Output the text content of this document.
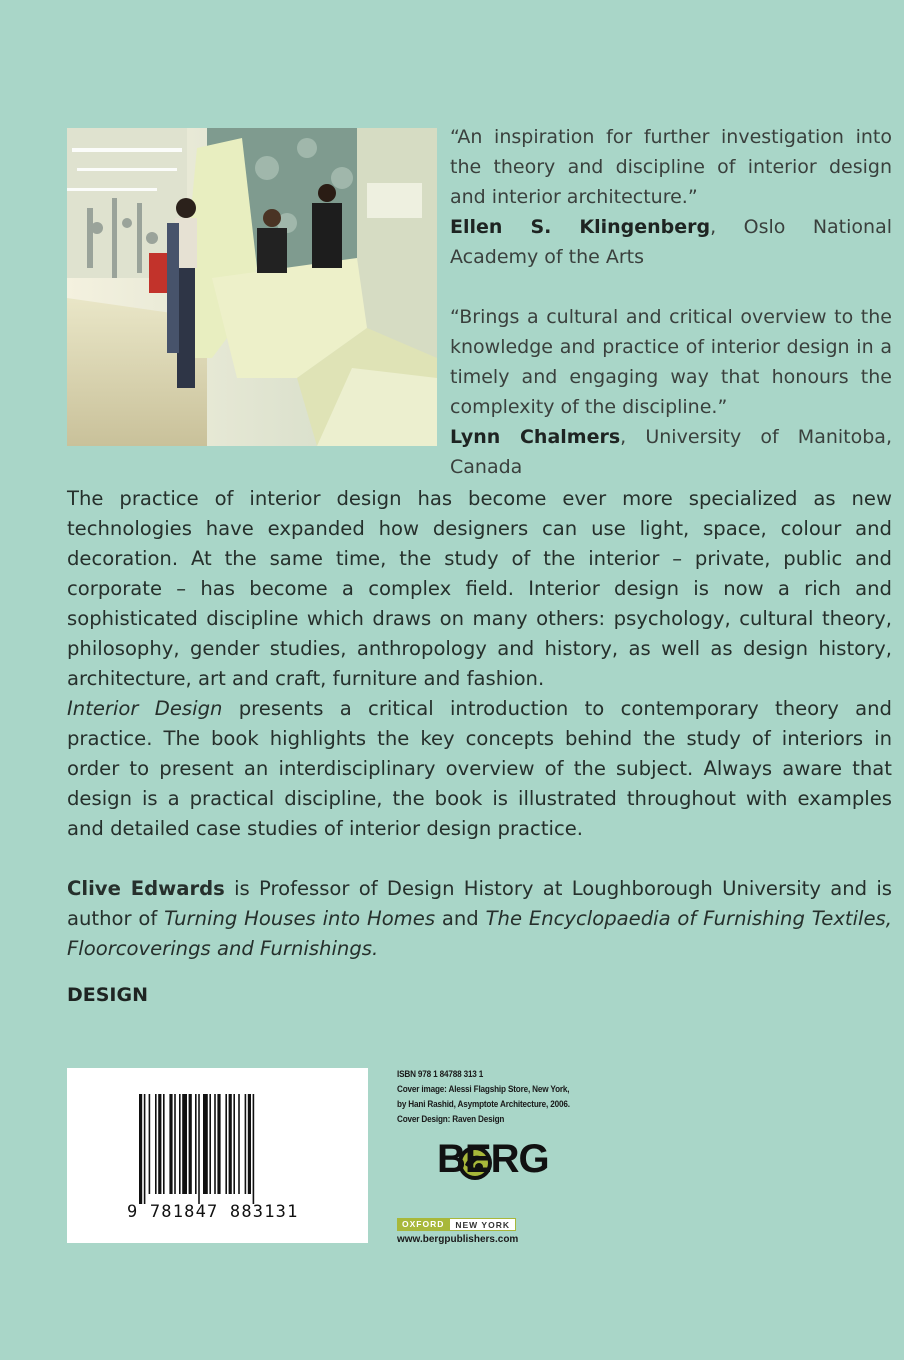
“An inspiration for further investigation into the theory and discipline of interior design and interior architecture.”
Ellen S. Klingenberg, Oslo National Academy of the Arts

“Brings a cultural and critical overview to the knowledge and practice of interior design in a timely and engaging way that honours the complexity of the discipline.”
Lynn Chalmers, University of Manitoba, Canada

The practice of interior design has become ever more specialized as new technologies have expanded how designers can use light, space, colour and decoration. At the same time, the study of the interior – private, public and corporate – has become a complex field. Interior design is now a rich and sophisticated discipline which draws on many others: psychology, cultural theory, philosophy, gender studies, anthropology and history, as well as design history, architecture, art and craft, furniture and fashion.

Interior Design presents a critical introduction to contemporary theory and practice. The book highlights the key concepts behind the study of interiors in order to present an interdisciplinary overview of the subject. Always aware that design is a practical discipline, the book is illustrated throughout with examples and detailed case studies of interior design practice.

Clive Edwards is Professor of Design History at Loughborough University and is author of Turning Houses into Homes and The Encyclopaedia of Furnishing Textiles, Floorcoverings and Furnishings.

DESIGN
9 781847 883131
ISBN 978 1 84788 313 1
Cover image: Alessi Flagship Store, New York,
by Hani Rashid, Asymptote Architecture, 2006.
Cover Design: Raven Design
BERG
OXFORD	NEW YORK
www.bergpublishers.com
